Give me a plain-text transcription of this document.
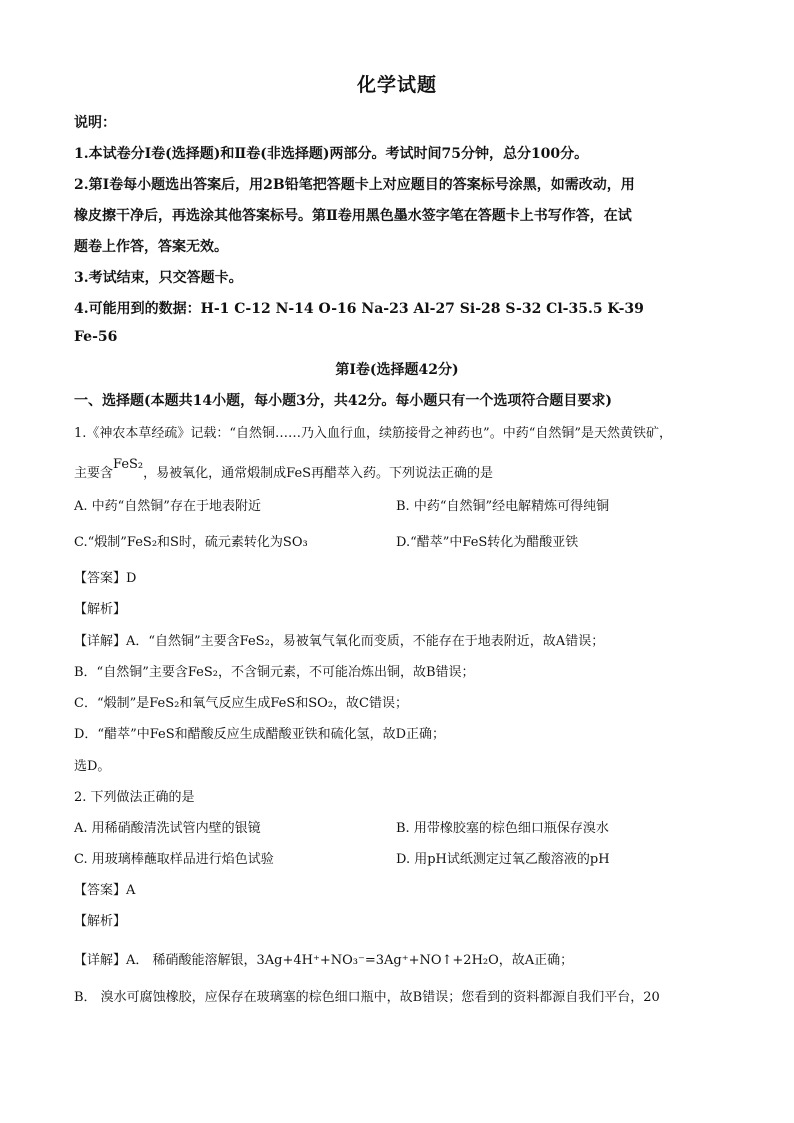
化学试题
说明：
1.本试卷分Ⅰ卷(选择题)和Ⅱ卷(非选择题)两部分。考试时间75分钟，总分100分。
2.第Ⅰ卷每小题选出答案后，用2B铅笔把答题卡上对应题目的答案标号涂黑，如需改动，用
橡皮擦干净后，再选涂其他答案标号。第Ⅱ卷用黑色墨水签字笔在答题卡上书写作答，在试
题卷上作答，答案无效。
3.考试结束，只交答题卡。
4.可能用到的数据：H-1 C-12 N-14 O-16 Na-23 Al-27 Si-28 S-32 Cl-35.5 K-39
Fe-56
第Ⅰ卷(选择题42分)
一、选择题(本题共14小题，每小题3分，共42分。每小题只有一个选项符合题目要求)
1.《神农本草经疏》记载：“自然铜……乃入血行血，续筋接骨之神药也”。中药“自然铜”是天然黄铁矿，
主要含FeS₂，易被氧化，通常煅制成FeS再醋萃入药。下列说法正确的是
A. 中药“自然铜”存在于地表附近	B. 中药“自然铜”经电解精炼可得纯铜
C.“煅制”FeS₂和S时，硫元素转化为SO₃	D.“醋萃”中FeS转化为醋酸亚铁
【答案】D
【解析】
【详解】A．“自然铜”主要含FeS₂，易被氧气氧化而变质，不能存在于地表附近，故A错误；
B．“自然铜”主要含FeS₂，不含铜元素，不可能冶炼出铜，故B错误；
C．“煅制”是FeS₂和氧气反应生成FeS和SO₂，故C错误；
D．“醋萃”中FeS和醋酸反应生成醋酸亚铁和硫化氢，故D正确；
选D。
2. 下列做法正确的是
A. 用稀硝酸清洗试管内壁的银镜	B. 用带橡胶塞的棕色细口瓶保存溴水
C. 用玻璃棒蘸取样品进行焰色试验	D. 用pH试纸测定过氧乙酸溶液的pH
【答案】A
【解析】
【详解】A． 稀硝酸能溶解银，3Ag+4H⁺+NO₃⁻=3Ag⁺+NO↑+2H₂O，故A正确；
B． 溴水可腐蚀橡胶，应保存在玻璃塞的棕色细口瓶中，故B错误；您看到的资料都源自我们平台，20
